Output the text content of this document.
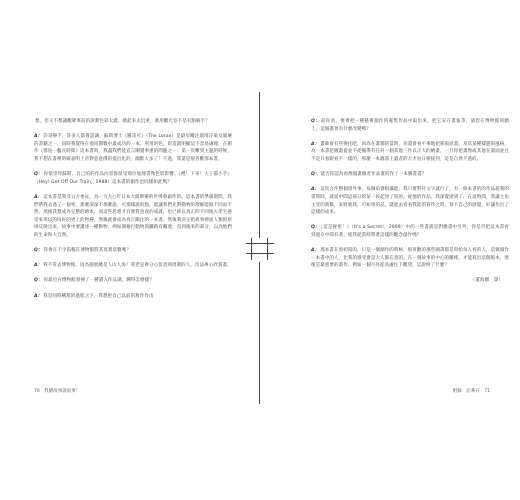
想，但又不想讓觀眾事前的說教色彩太濃，總起來太沉重，萬用觀光卷不是有點解手？

A：許哥辦手，許多人都會認識，蘇斯博士《羅雷可》（The Lorax）是最早關注環境汙染及破壞的書籍之一，同時我覺得在他同期數中最成功的一本。所用的色、彩造就明顯這不容易處理，在創作《群島一艦長時間》這本書時，我盡我們能直言刪覺事重的問題之一：第一次難到主題的時候，我不想在書裡明確表明上帝對惡意佛的提出化的，幽默大多了！不過，我還是很喜歡那本書。

Q：你很崇拜蘇斯，自己的的作品內容都很受那位地理書像色影影響。《禮！下來！大子都小手》（Hey! Get Off Our Train，1988）這本書的創作也同樣如此嗎？

A：這本書是我受日方委託，為一九九○年日本大阪舉辦的世博會創作的。這本書的準備期間，我們帶我去過了一個死，那麼深深不那麼說，可那樣說的點，能讓我們先對動物的理解能做不同而不然，然後我想成為完整的繪本，而這些思想才有實質意義的成就，也已經以真正的不同地方產生感受來用以的同好的更上的物種，然後就會成為真正關注的一本書。然後我決定把故事裡面人類的原則反映出來，故事中要講述一種動物，例如開槍打動物與鐵路有關連，直到後來的部分，以為他們的生命和大自然。

Q：你會在不少篇幅在博物館將其真實景數嗎？

A：我不常去博物館，因為施展總是人山人海！我老是會分心留意則周圍的人，沒法專心欣賞畫。

Q：你最近在博物館發揮了一種讀入作品調，聊得怎麼樣？

A：我是同時構想的過程之下，我想把自己以前的舊作作出

70　我繪故事說故事！

Q：前你看，要會把一種藝術創作的蒐集作品中取出來，把它安在畫報等，請您在博物館的牆上，這個畫會有什麼改變嗎？

A：畫師會有些變化吧，因為在畫牆的當時，你還會看不事地把那張原畫，及其某種樣態的風格，為一本書把圖畫從並不從搬帶有任何一個其他三件以正大的繪畫，一旦你把畫像或其他在畫面並且不是只看跟看不一樣的，那麼一本圖書上讀者的方才由日相接到，這是自然不過的。

Q：能否你認為再像個畫個者作品畫的作了一本圖書書？

A：這次合作整個別外事，每個角會相識能，我只要對付文字就行了。有一條本書的的作品從我的書寫時，就從中間這部分的某一段起到了寫的。從他的作品，我深覺感到了，在這時間，我讓主角主受的新數，來將就我，可如果的話，就能去看看我能的寫作之時，寫下自己的感覺，好讓作出了這樣的成本。

Q：《這是秘密！》（It's a Secret!，2009）中的一些書就是對應書中另外，你是否把這本書看到過在中間有著，使我從當時帶著這樣的觀念創作嗎？

A：那本書在原初寫的，只是一個創作的時候，很喜歡的那些圖書都是寫給每人看的人，這幾個作一本書中的人，比我的感受會是大人都在意的。在一個故事的中心的關係，才能寫出這個版本，然後是最重要的畫作，例如一個月亮從高處往下觀望，這說明了什麼？

（董海媚　譯）

附錄：訪華卉　71
